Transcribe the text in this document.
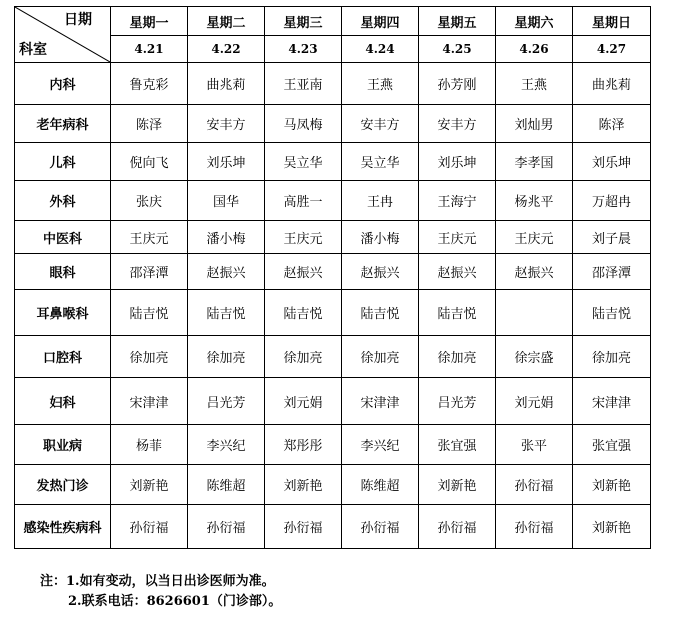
日期
科室	星期一	星期二	星期三	星期四	星期五	星期六	星期日
	4.21	4.22	4.23	4.24	4.25	4.26	4.27
内科	鲁克彩	曲兆莉	王亚南	王燕	孙芳刚	王燕	曲兆莉
老年病科	陈泽	安丰方	马凤梅	安丰方	安丰方	刘灿男	陈泽
儿科	倪向飞	刘乐坤	吴立华	吴立华	刘乐坤	李孝国	刘乐坤
外科	张庆	国华	高胜一	王冉	王海宁	杨兆平	万超冉
中医科	王庆元	潘小梅	王庆元	潘小梅	王庆元	王庆元	刘子晨
眼科	邵泽潭	赵振兴	赵振兴	赵振兴	赵振兴	赵振兴	邵泽潭
耳鼻喉科	陆吉悦	陆吉悦	陆吉悦	陆吉悦	陆吉悦		陆吉悦
口腔科	徐加亮	徐加亮	徐加亮	徐加亮	徐加亮	徐宗盛	徐加亮
妇科	宋津津	吕光芳	刘元娟	宋津津	吕光芳	刘元娟	宋津津
职业病	杨菲	李兴纪	郑彤彤	李兴纪	张宜强	张平	张宜强
发热门诊	刘新艳	陈维超	刘新艳	陈维超	刘新艳	孙衍福	刘新艳
感染性疾病科	孙衍福	孙衍福	孙衍福	孙衍福	孙衍福	孙衍福	刘新艳
注：1.如有变动，以当日出诊医师为准。
2.联系电话：8626601（门诊部）。
